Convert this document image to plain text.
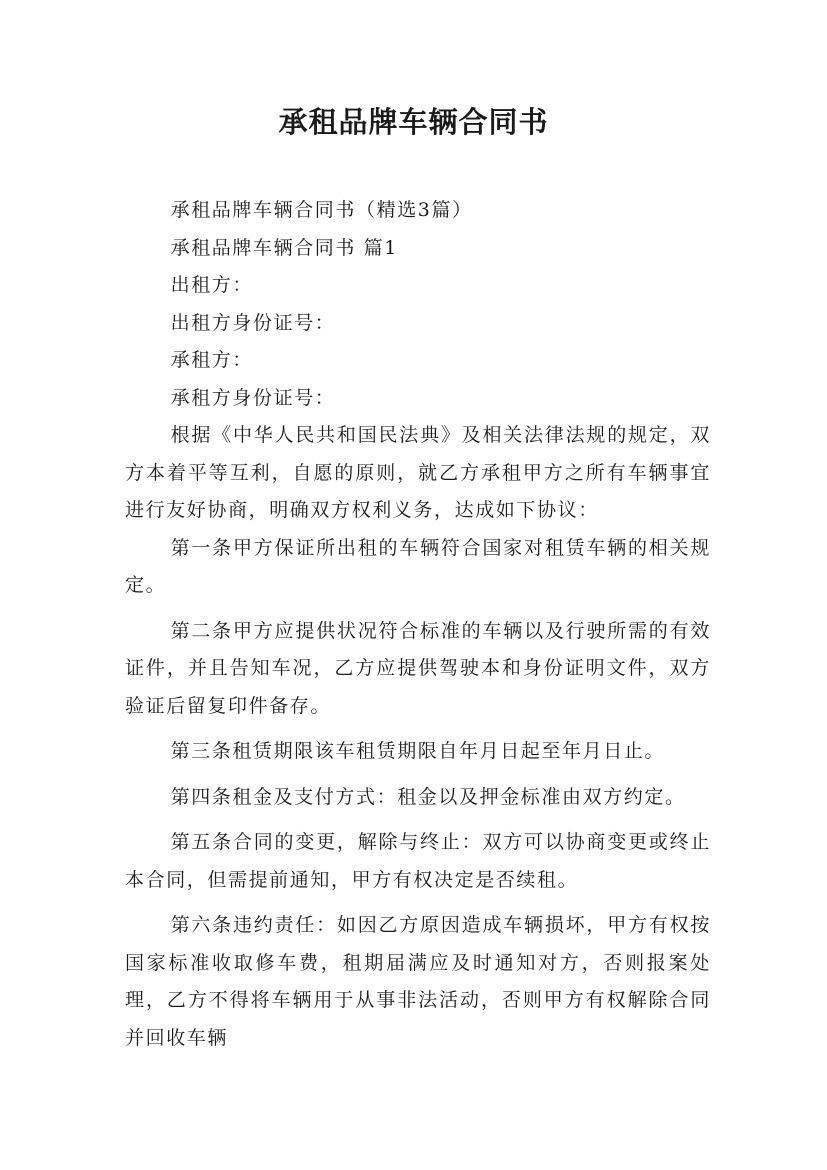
承租品牌车辆合同书

承租品牌车辆合同书（精选3篇）

承租品牌车辆合同书 篇1

出租方：

出租方身份证号：

承租方：

承租方身份证号：

根据《中华人民共和国民法典》及相关法律法规的规定，双方本着平等互利，自愿的原则，就乙方承租甲方之所有车辆事宜进行友好协商，明确双方权利义务，达成如下协议：

第一条甲方保证所出租的车辆符合国家对租赁车辆的相关规定。

第二条甲方应提供状况符合标准的车辆以及行驶所需的有效证件，并且告知车况，乙方应提供驾驶本和身份证明文件，双方验证后留复印件备存。

第三条租赁期限该车租赁期限自年月日起至年月日止。

第四条租金及支付方式：租金以及押金标准由双方约定。

第五条合同的变更，解除与终止：双方可以协商变更或终止本合同，但需提前通知，甲方有权决定是否续租。

第六条违约责任：如因乙方原因造成车辆损坏，甲方有权按国家标准收取修车费，租期届满应及时通知对方，否则报案处理，乙方不得将车辆用于从事非法活动，否则甲方有权解除合同并回收车辆
